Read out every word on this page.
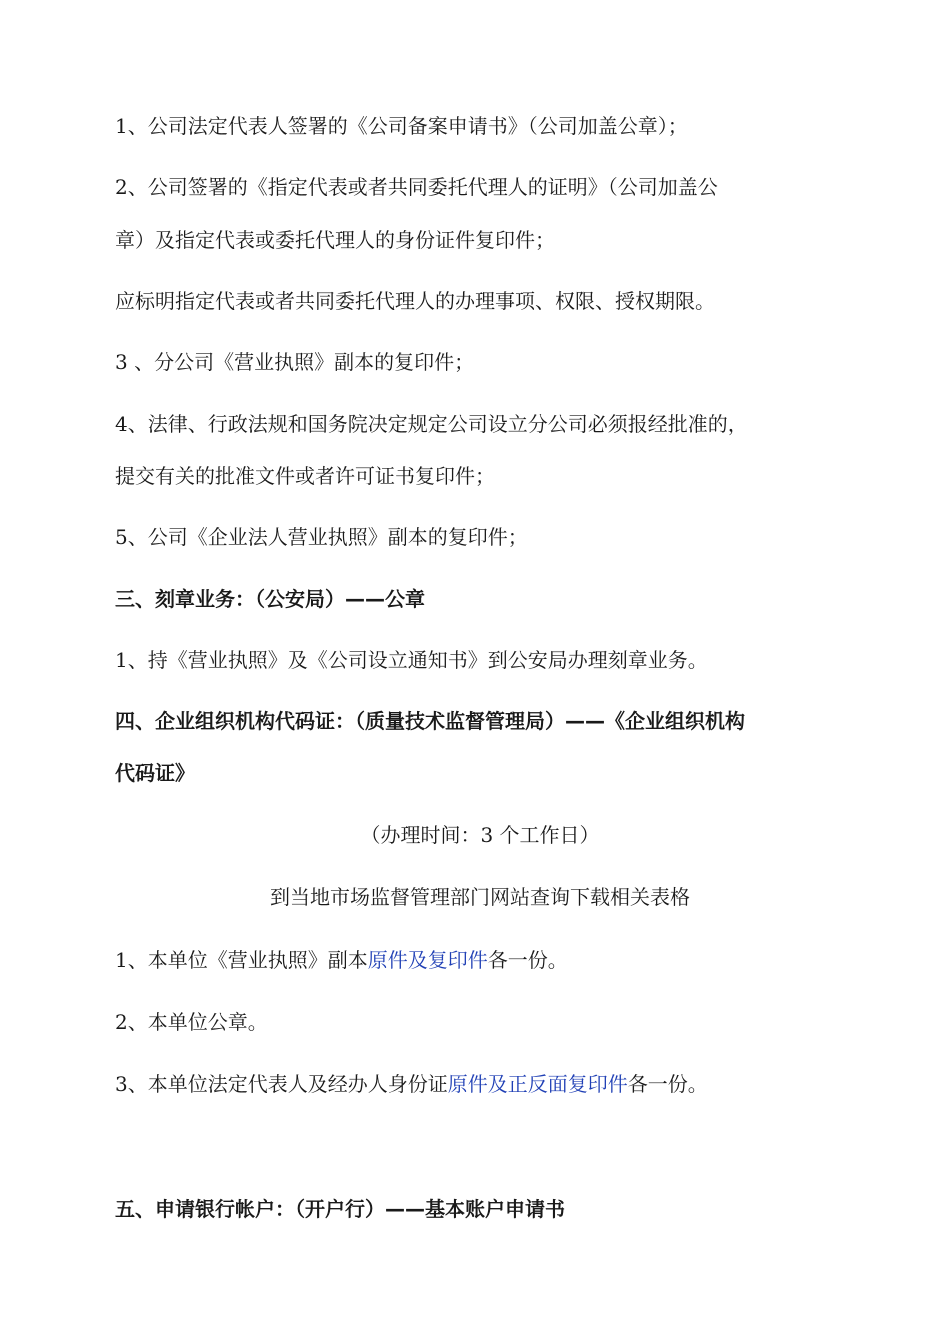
1、公司法定代表人签署的《公司备案申请书》（公司加盖公章）；
2、公司签署的《指定代表或者共同委托代理人的证明》（公司加盖公
章）及指定代表或委托代理人的身份证件复印件；
应标明指定代表或者共同委托代理人的办理事项、权限、授权期限。
3 、分公司《营业执照》副本的复印件；
4、法律、行政法规和国务院决定规定公司设立分公司必须报经批准的，
提交有关的批准文件或者许可证书复印件；
5、公司《企业法人营业执照》副本的复印件；
三、刻章业务：（公安局）——公章
1、持《营业执照》及《公司设立通知书》到公安局办理刻章业务。
四、企业组织机构代码证：（质量技术监督管理局）——《企业组织机构
代码证》
（办理时间：3 个工作日）
到当地市场监督管理部门网站查询下载相关表格
1、本单位《营业执照》副本原件及复印件各一份。
2、本单位公章。
3、本单位法定代表人及经办人身份证原件及正反面复印件各一份。
五、申请银行帐户：（开户行）——基本账户申请书
